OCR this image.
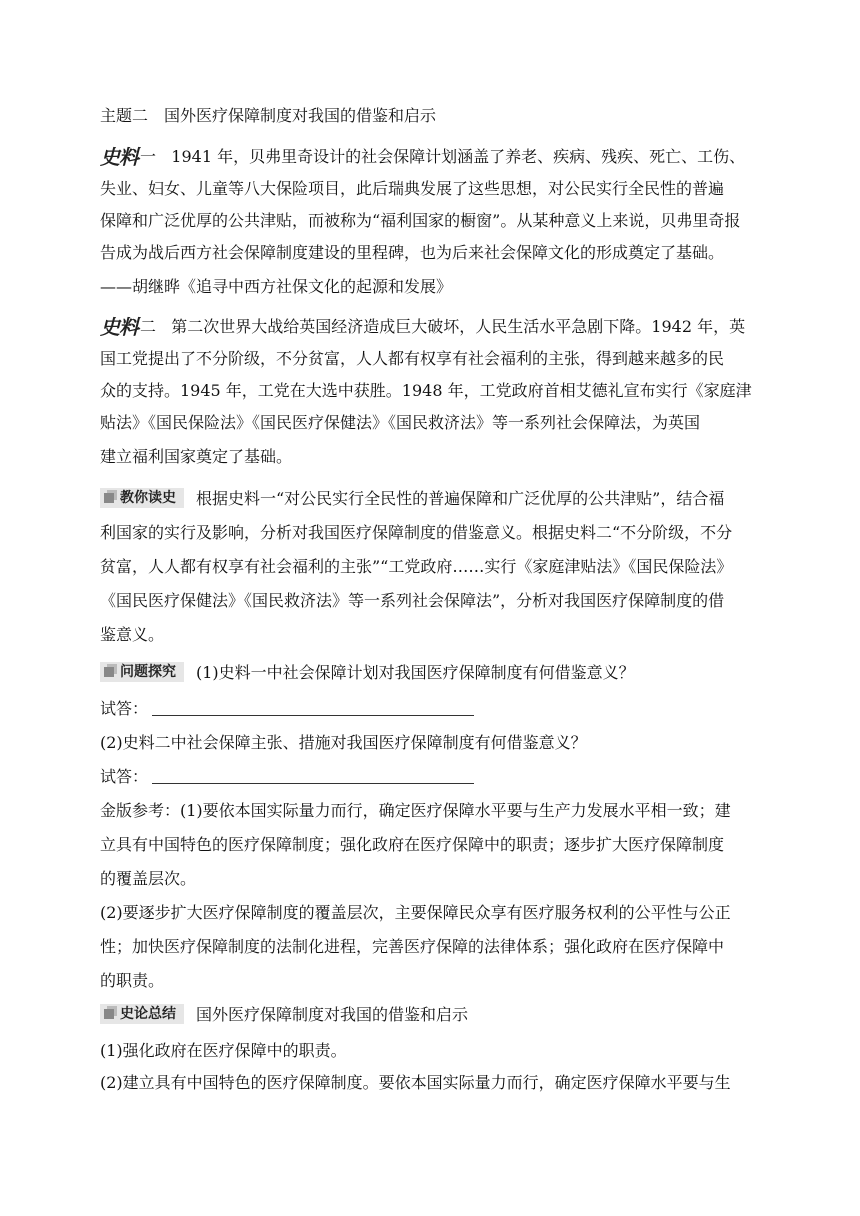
主题二　国外医疗保障制度对我国的借鉴和启示
史料 一 1941 年，贝弗里奇设计的社会保障计划涵盖了养老、疾病、残疾、死亡、工伤、
失业、妇女、儿童等八大保险项目，此后瑞典发展了这些思想，对公民实行全民性的普遍
保障和广泛优厚的公共津贴，而被称为“福利国家的橱窗”。从某种意义上来说，贝弗里奇报
告成为战后西方社会保障制度建设的里程碑，也为后来社会保障文化的形成奠定了基础。
——胡继晔《追寻中西方社保文化的起源和发展》
史料 二 第二次世界大战给英国经济造成巨大破坏，人民生活水平急剧下降。1942 年，英
国工党提出了不分阶级，不分贫富，人人都有权享有社会福利的主张，得到越来越多的民
众的支持。1945 年，工党在大选中获胜。1948 年，工党政府首相艾德礼宣布实行《家庭津
贴法》《国民保险法》《国民医疗保健法》《国民救济法》等一系列社会保障法，为英国
建立福利国家奠定了基础。
教你读史 根据史料一“对公民实行全民性的普遍保障和广泛优厚的公共津贴”，结合福
利国家的实行及影响，分析对我国医疗保障制度的借鉴意义。根据史料二“不分阶级，不分
贫富，人人都有权享有社会福利的主张”“工党政府……实行《家庭津贴法》《国民保险法》
《国民医疗保健法》《国民救济法》等一系列社会保障法”，分析对我国医疗保障制度的借
鉴意义。
问题探究 (1)史料一中社会保障计划对我国医疗保障制度有何借鉴意义？
试答：
(2)史料二中社会保障主张、措施对我国医疗保障制度有何借鉴意义？
试答：
金版参考：(1)要依本国实际量力而行，确定医疗保障水平要与生产力发展水平相一致；建
立具有中国特色的医疗保障制度；强化政府在医疗保障中的职责；逐步扩大医疗保障制度
的覆盖层次。
(2)要逐步扩大医疗保障制度的覆盖层次，主要保障民众享有医疗服务权利的公平性与公正
性；加快医疗保障制度的法制化进程，完善医疗保障的法律体系；强化政府在医疗保障中
的职责。
史论总结 国外医疗保障制度对我国的借鉴和启示
(1)强化政府在医疗保障中的职责。
(2)建立具有中国特色的医疗保障制度。要依本国实际量力而行，确定医疗保障水平要与生
